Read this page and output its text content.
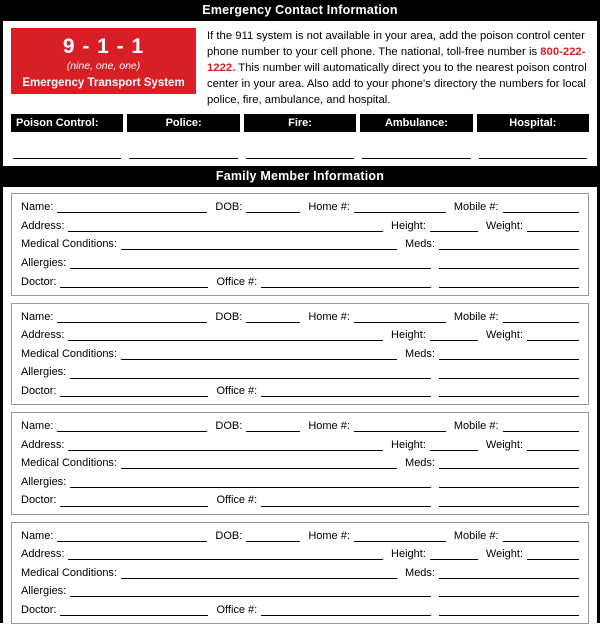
Emergency Contact Information
9 - 1 - 1
(nine, one, one)
Emergency Transport System
If the 911 system is not available in your area, add the poison control center phone number to your cell phone. The national, toll-free number is 800-222-1222. This number will automatically direct you to the nearest poison control center in your area. Also add to your phone's directory the numbers for local police, fire, ambulance, and hospital.
Poison Control:	Police:	Fire:	Ambulance:	Hospital:
Family Member Information
Name:	DOB:	Home #:	Mobile #:
Address:	Height:	Weight:
Medical Conditions:	Meds:
Allergies:
Doctor:	Office #:
Name:	DOB:	Home #:	Mobile #:
Address:	Height:	Weight:
Medical Conditions:	Meds:
Allergies:
Doctor:	Office #:
Name:	DOB:	Home #:	Mobile #:
Address:	Height:	Weight:
Medical Conditions:	Meds:
Allergies:
Doctor:	Office #:
Name:	DOB:	Home #:	Mobile #:
Address:	Height:	Weight:
Medical Conditions:	Meds:
Allergies:
Doctor:	Office #:
